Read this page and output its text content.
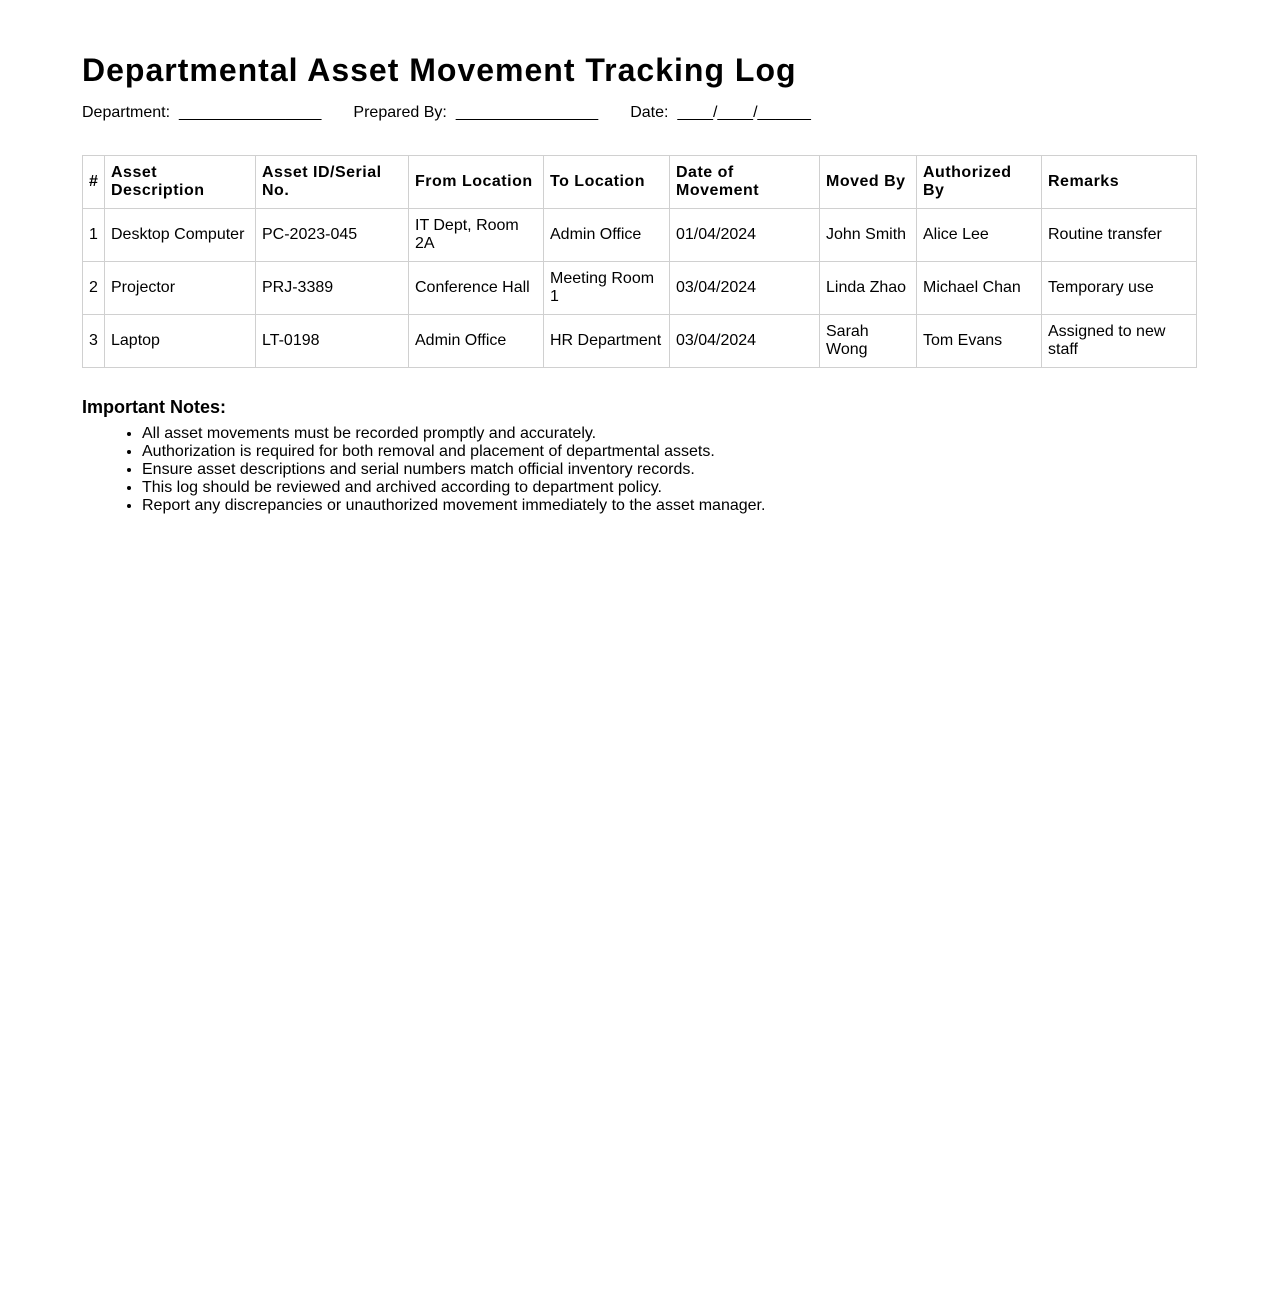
Departmental Asset Movement Tracking Log
Department: ________________ Prepared By: ________________ Date: ____/____/______
#	Asset Description	Asset ID/Serial No.	From Location	To Location	Date of Movement	Moved By	Authorized By	Remarks
1	Desktop Computer	PC-2023-045	IT Dept, Room 2A	Admin Office	01/04/2024	John Smith	Alice Lee	Routine transfer
2	Projector	PRJ-3389	Conference Hall	Meeting Room 1	03/04/2024	Linda Zhao	Michael Chan	Temporary use
3	Laptop	LT-0198	Admin Office	HR Department	03/04/2024	Sarah Wong	Tom Evans	Assigned to new staff
Important Notes:
• All asset movements must be recorded promptly and accurately.
• Authorization is required for both removal and placement of departmental assets.
• Ensure asset descriptions and serial numbers match official inventory records.
• This log should be reviewed and archived according to department policy.
• Report any discrepancies or unauthorized movement immediately to the asset manager.
